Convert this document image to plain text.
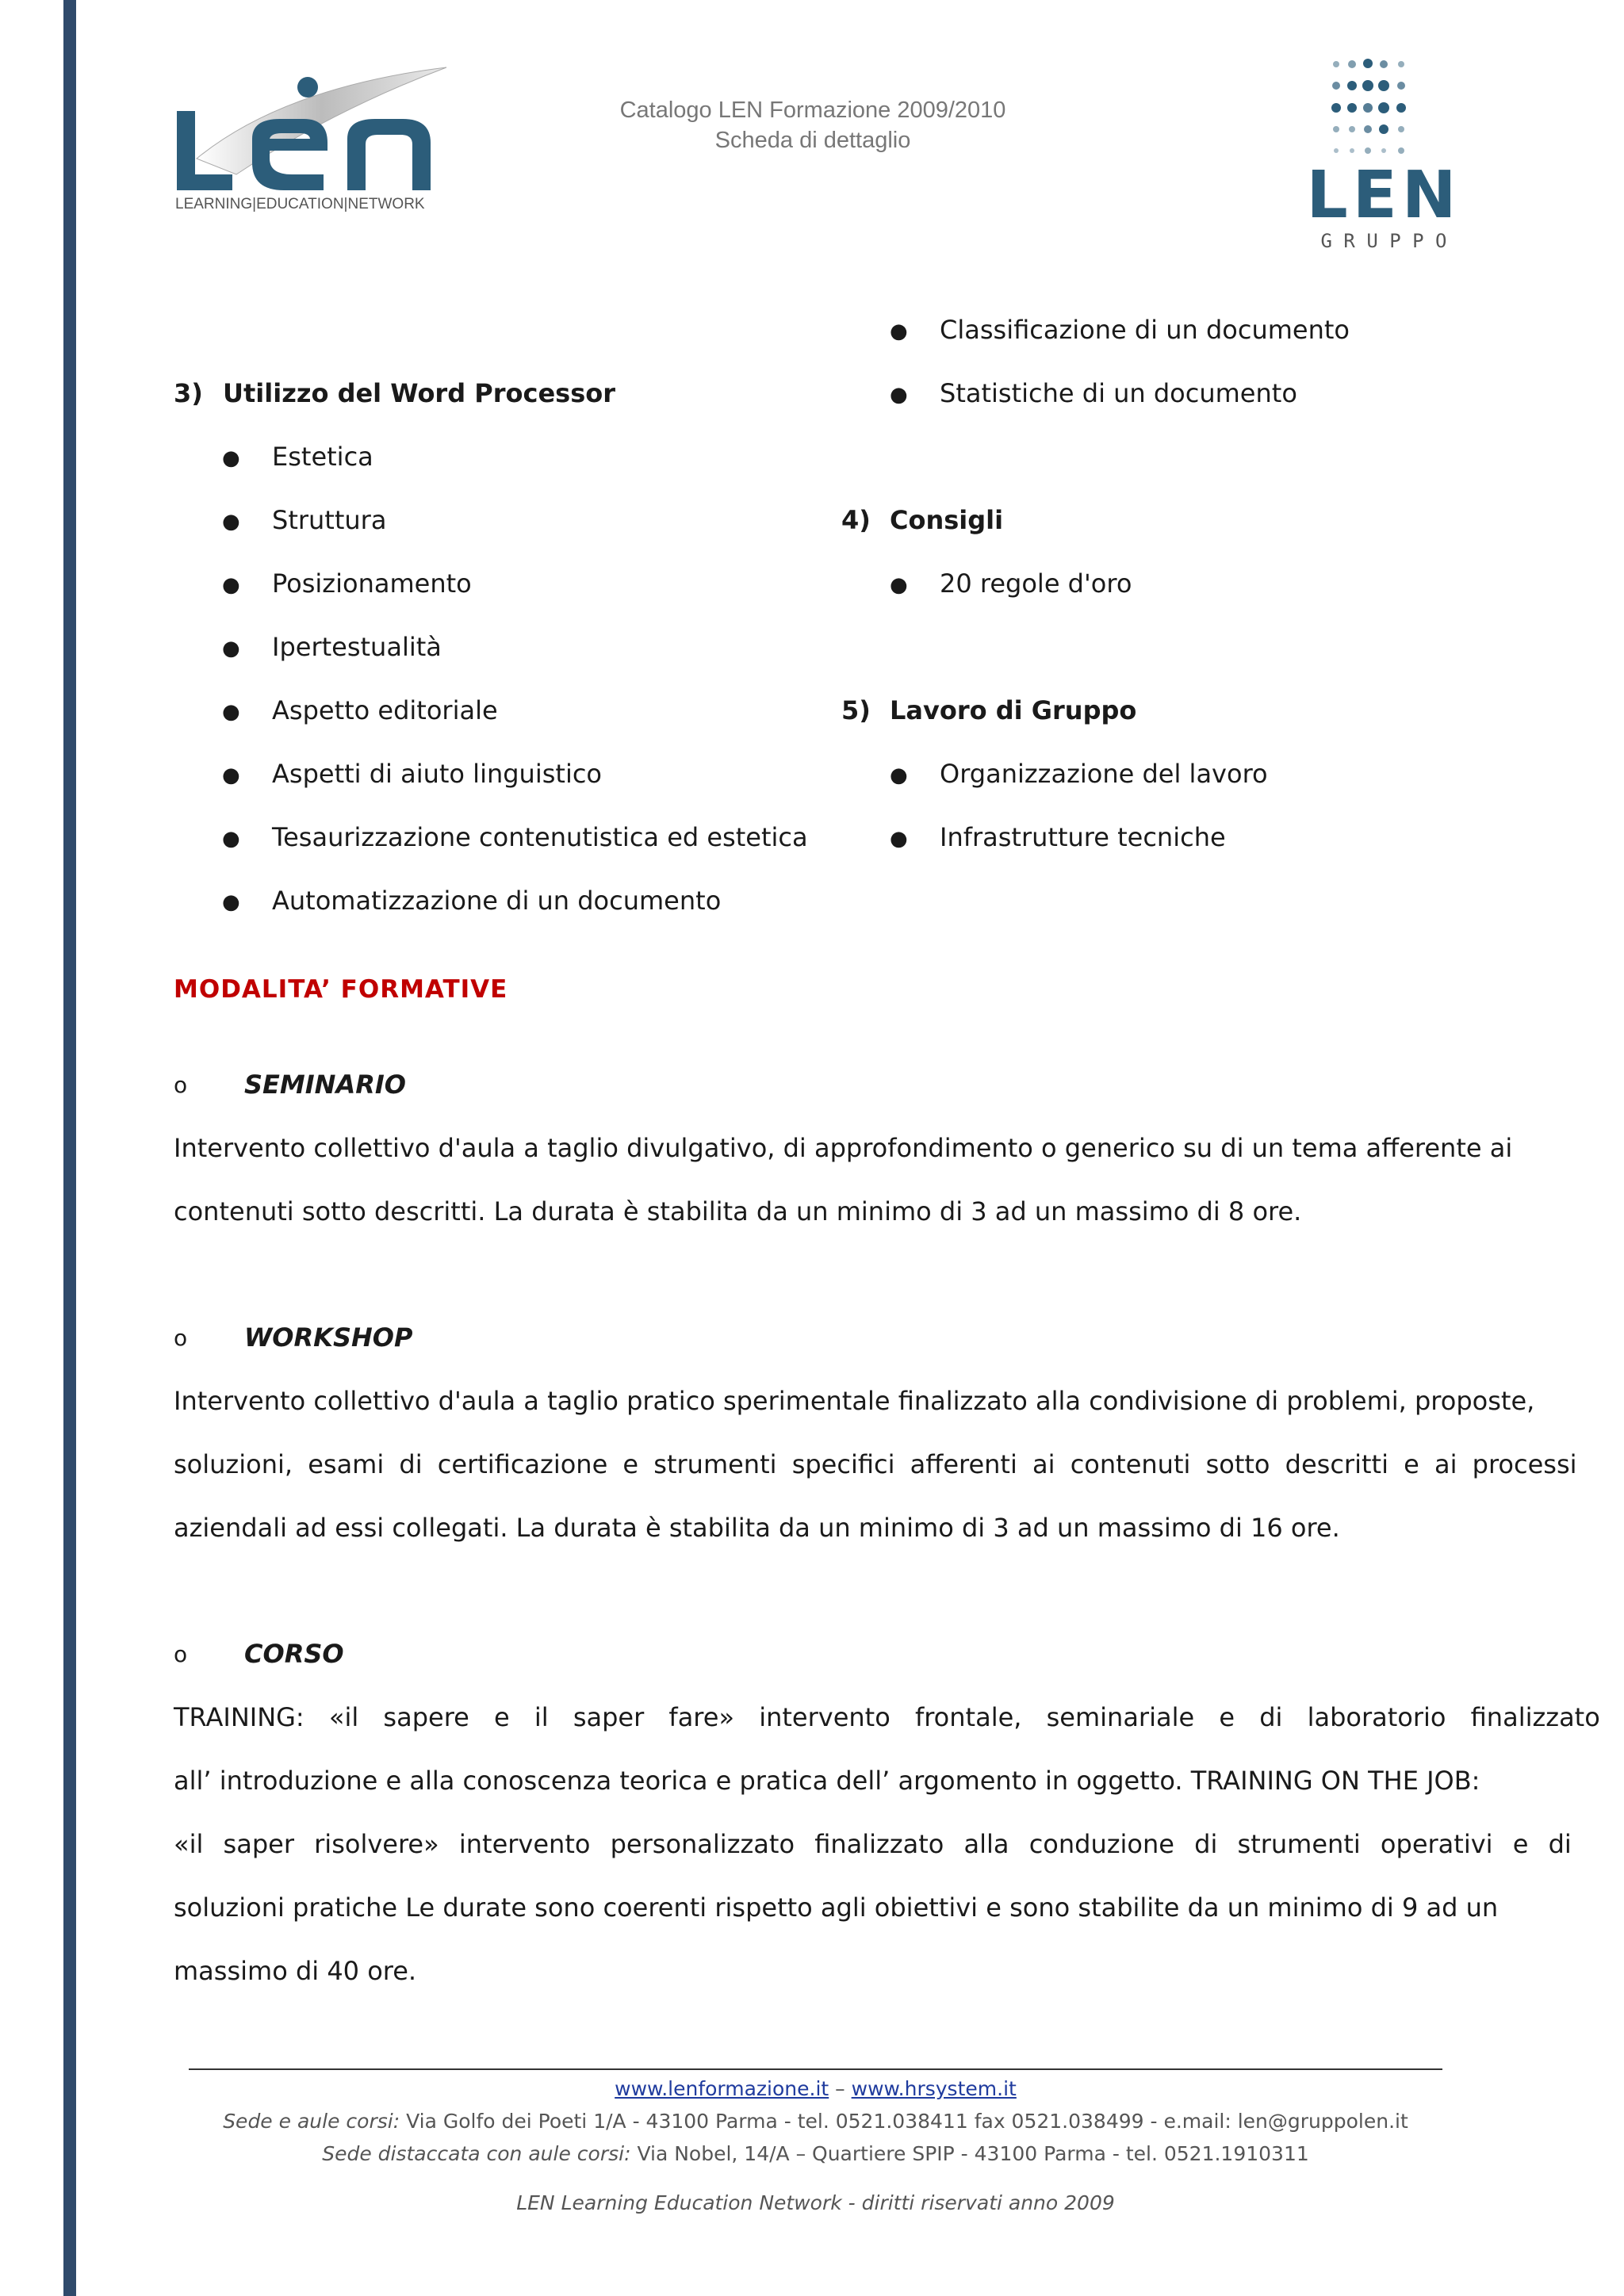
LEARNING|EDUCATION|NETWORK
Catalogo LEN Formazione 2009/2010
Scheda di dettaglio
LEN
G R U P P O
● Classificazione di un documento
● Statistiche di un documento
3) Utilizzo del Word Processor
● Estetica
● Struttura
● Posizionamento
● Ipertestualità
● Aspetto editoriale
● Aspetti di aiuto linguistico
● Tesaurizzazione contenutistica ed estetica
● Automatizzazione di un documento
4) Consigli
● 20 regole d'oro
5) Lavoro di Gruppo
● Organizzazione del lavoro
● Infrastrutture tecniche
MODALITA’ FORMATIVE
o SEMINARIO
Intervento collettivo d'aula a taglio divulgativo, di approfondimento o generico su di un tema afferente ai
contenuti sotto descritti. La durata è stabilita da un minimo di 3 ad un massimo di 8 ore.
o WORKSHOP
Intervento collettivo d'aula a taglio pratico sperimentale finalizzato alla condivisione di problemi, proposte,
soluzioni, esami di certificazione e strumenti specifici afferenti ai contenuti sotto descritti e ai processi
aziendali ad essi collegati. La durata è stabilita da un minimo di 3 ad un massimo di 16 ore.
o CORSO
TRAINING: «il sapere e il saper fare» intervento frontale, seminariale e di laboratorio finalizzato
all’ introduzione e alla conoscenza teorica e pratica dell’ argomento in oggetto. TRAINING ON THE JOB:
«il saper risolvere» intervento personalizzato finalizzato alla conduzione di strumenti operativi e di
soluzioni pratiche Le durate sono coerenti rispetto agli obiettivi e sono stabilite da un minimo di 9 ad un
massimo di 40 ore.
www.lenformazione.it – www.hrsystem.it
Sede e aule corsi: Via Golfo dei Poeti 1/A - 43100 Parma - tel. 0521.038411 fax 0521.038499 - e.mail: len@gruppolen.it
Sede distaccata con aule corsi: Via Nobel, 14/A – Quartiere SPIP - 43100 Parma - tel. 0521.1910311
LEN Learning Education Network - diritti riservati anno 2009
